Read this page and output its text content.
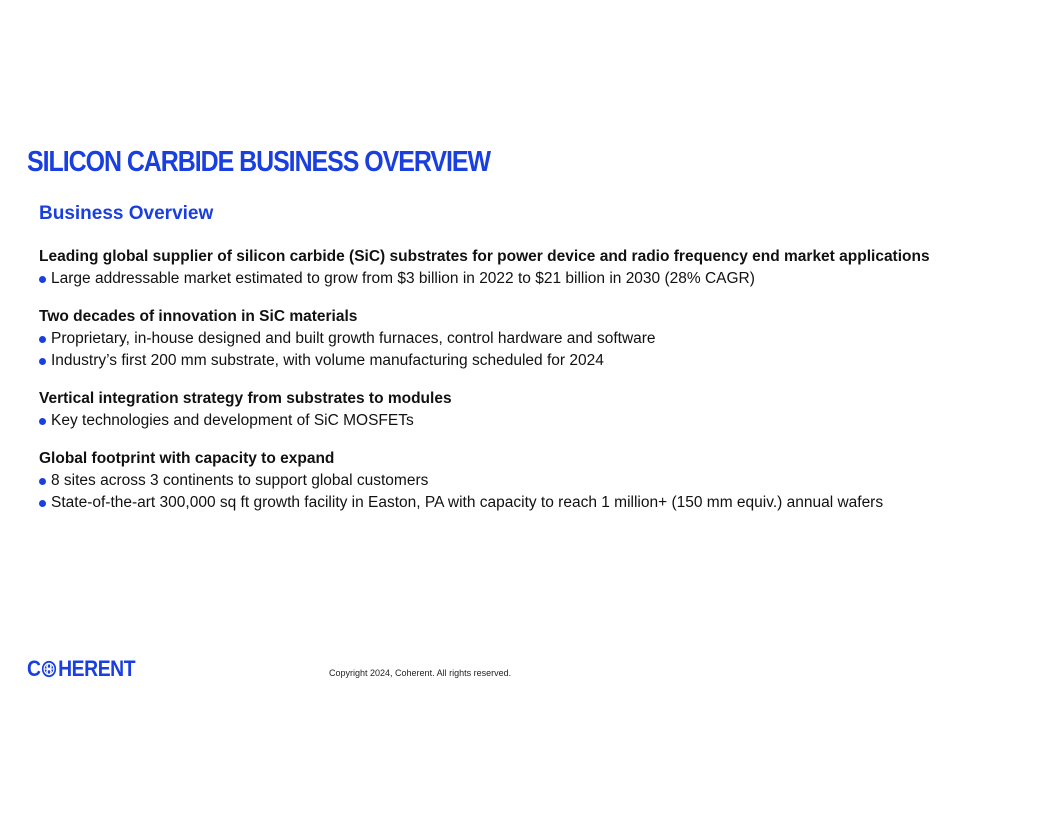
SILICON CARBIDE BUSINESS OVERVIEW
Business Overview

Leading global supplier of silicon carbide (SiC) substrates for power device and radio frequency end market applications

Large addressable market estimated to grow from $3 billion in 2022 to $21 billion in 2030 (28% CAGR)

Two decades of innovation in SiC materials

Proprietary, in-house designed and built growth furnaces, control hardware and software
Industry’s first 200 mm substrate, with volume manufacturing scheduled for 2024

Vertical integration strategy from substrates to modules

Key technologies and development of SiC MOSFETs

Global footprint with capacity to expand

8 sites across 3 continents to support global customers
State-of-the-art 300,000 sq ft growth facility in Easton, PA with capacity to reach 1 million+ (150 mm equiv.) annual wafers
C HERENT	Copyright 2024, Coherent. All rights reserved.
